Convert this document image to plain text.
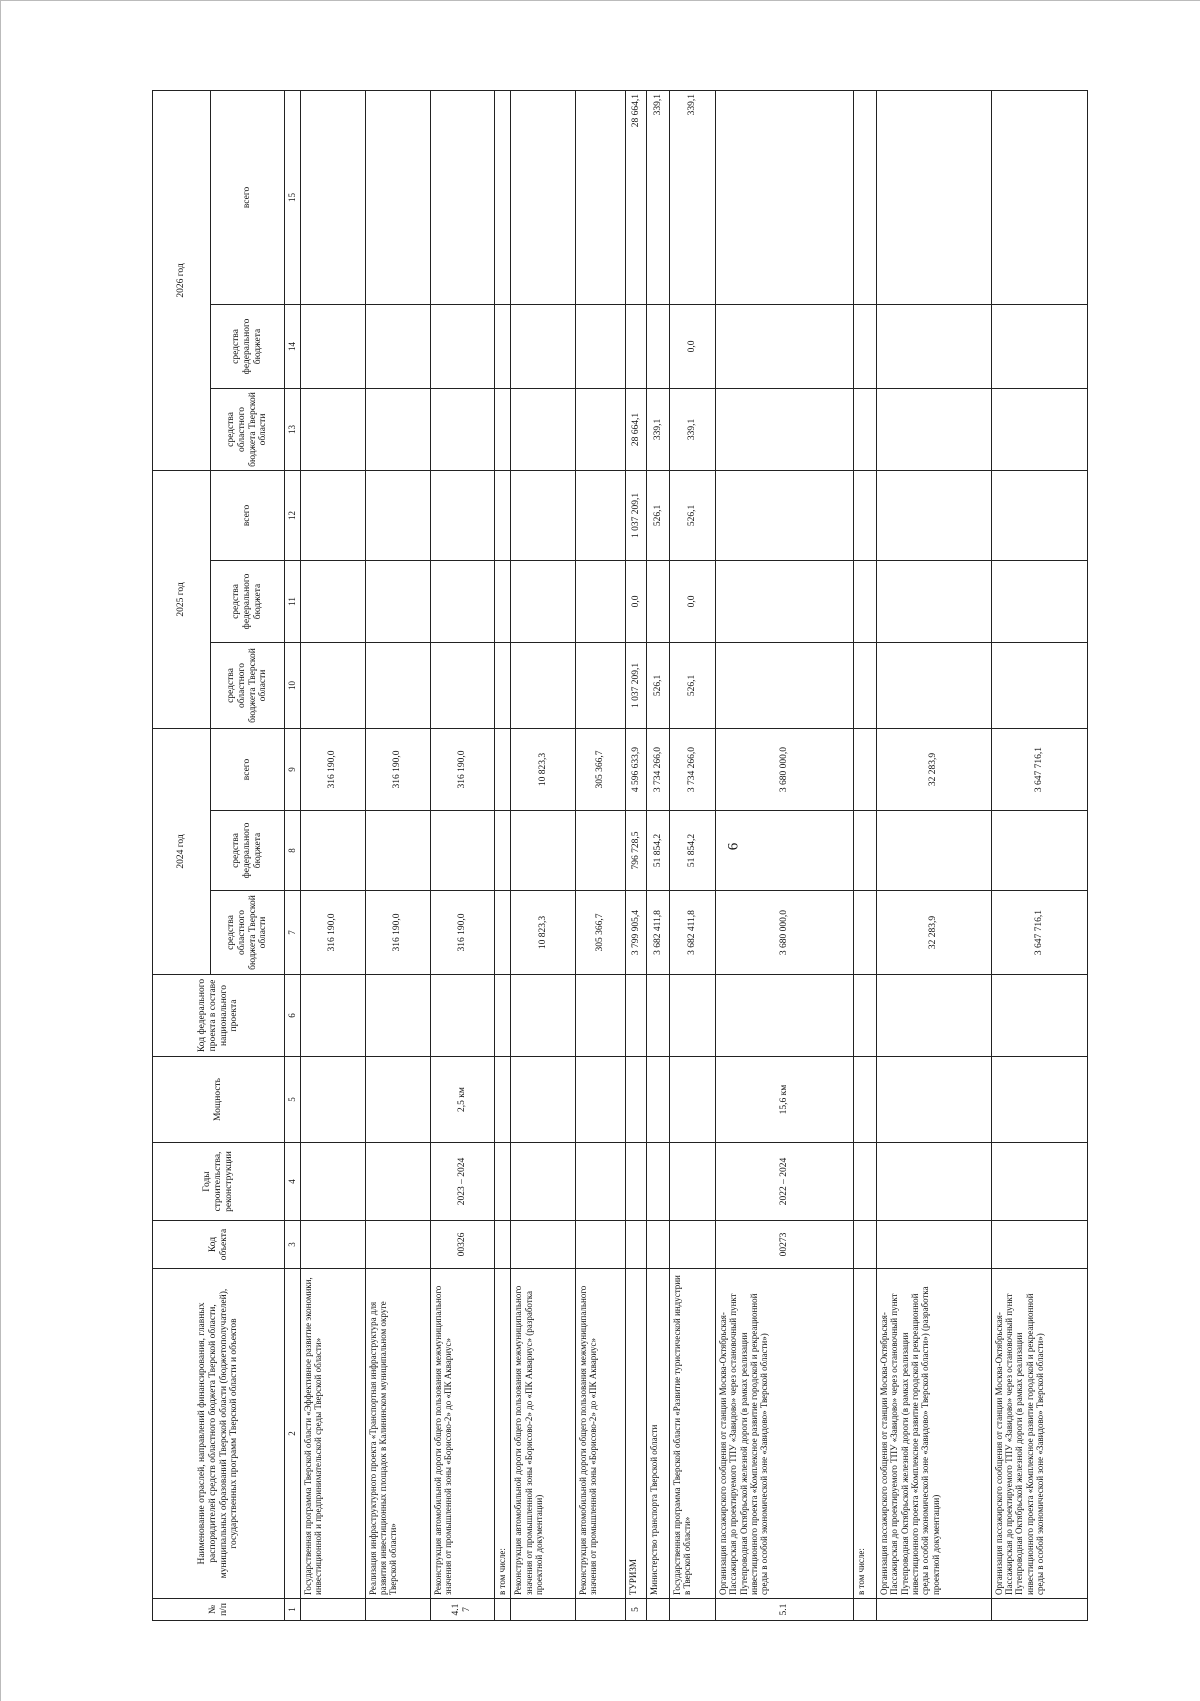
6
№ п/п	Наименование отраслей, направлений финансирования, главных распорядителей средств областного бюджета Тверской области, муниципальных образований Тверской области (бюджетополучателей), государственных программ Тверской области и объектов	Код объекта	Годы строительства, реконструкции	Мощность	Код федерального проекта в составе национального проекта	2024 год			2025 год			2026 год		
						средства областного бюджета Тверской области	средства федерального бюджета	всего	средства областного бюджета Тверской области	средства федерального бюджета	всего	средства областного бюджета Тверской области	средства федерального бюджета	всего
1	2	3	4	5	6	7	8	9	10	11	12	13	14	15
	Государственная программа Тверской области «Эффективное развитие экономики, инвестиционной и предпринимательской среды Тверской области»					316 190,0		316 190,0						
	Реализация инфраструктурного проекта «Транспортная инфраструктура для развития инвестиционных площадок в Калининском муниципальном округе Тверской области»					316 190,0		316 190,0						
4.17	Реконструкция автомобильной дороги общего пользования межмуниципального значения от промышленной зоны «Борисово-2» до «ПК Аквариус»	00326	2023 – 2024	2,5 км		316 190,0		316 190,0						
	в том числе:													
	Реконструкция автомобильной дороги общего пользования межмуниципального значения от промышленной зоны «Борисово-2» до «ПК Аквариус» (разработка проектной документации)					10 823,3		10 823,3						
	Реконструкция автомобильной дороги общего пользования межмуниципального значения от промышленной зоны «Борисово-2» до «ПК Аквариус»					305 366,7		305 366,7						
5	ТУРИЗМ					3 799 905,4	796 728,5	4 596 633,9	1 037 209,1	0,0	1 037 209,1	28 664,1		28 664,1
	Министерство транспорта Тверской области					3 682 411,8	51 854,2	3 734 266,0	526,1		526,1	339,1		339,1
	Государственная программа Тверской области «Развитие туристической индустрии в Тверской области»					3 682 411,8	51 854,2	3 734 266,0	526,1	0,0	526,1	339,1	0,0	339,1
5.1	Организация пассажирского сообщения от станции Москва-Октябрьская-Пассажирская до проектируемого ТПУ «Завидово» через остановочный пункт Путепроводная Октябрьской железной дороги (в рамках реализации инвестиционного проекта «Комплексное развитие городской и рекреационной среды в особой экономической зоне «Завидово» Тверской области»)	00273	2022 – 2024	15,6 км		3 680 000,0		3 680 000,0						
	в том числе:													
	Организация пассажирского сообщения от станции Москва-Октябрьская-Пассажирская до проектируемого ТПУ «Завидово» через остановочный пункт Путепроводная Октябрьской железной дороги (в рамках реализации инвестиционного проекта «Комплексное развитие городской и рекреационной среды в особой экономической зоне «Завидово» Тверской области») (разработка проектной документации)					32 283,9		32 283,9						
	Организация пассажирского сообщения от станции Москва-Октябрьская-Пассажирская до проектируемого ТПУ «Завидово» через остановочный пункт Путепроводная Октябрьской железной дороги (в рамках реализации инвестиционного проекта «Комплексное развитие городской и рекреационной среды в особой экономической зоне «Завидово» Тверской области»)					3 647 716,1		3 647 716,1						
